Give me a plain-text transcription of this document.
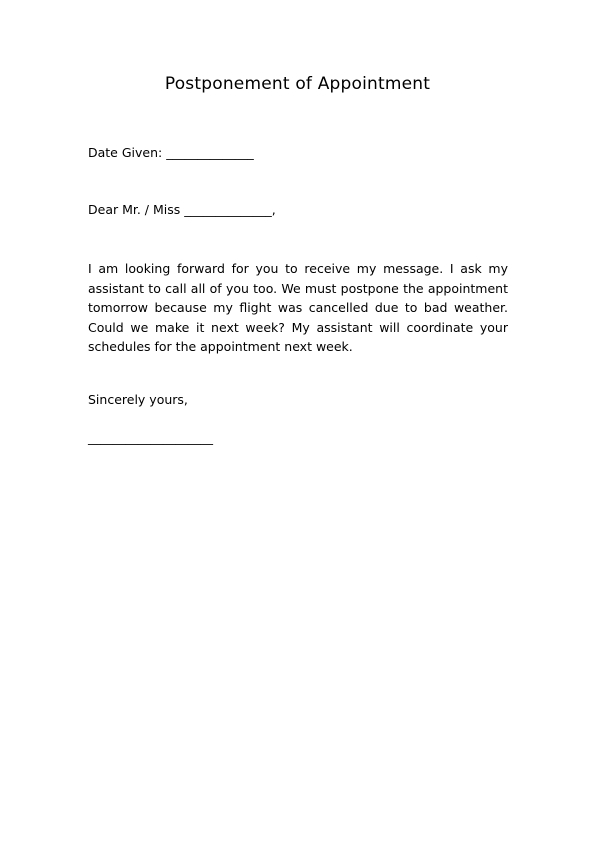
Postponement of Appointment
Date Given: ______________
Dear Mr. / Miss ______________,
I am looking forward for you to receive my message. I ask my assistant to call all of you too. We must postpone the appointment tomorrow because my flight was cancelled due to bad weather. Could we make it next week? My assistant will coordinate your schedules for the appointment next week.
Sincerely yours,
____________________
